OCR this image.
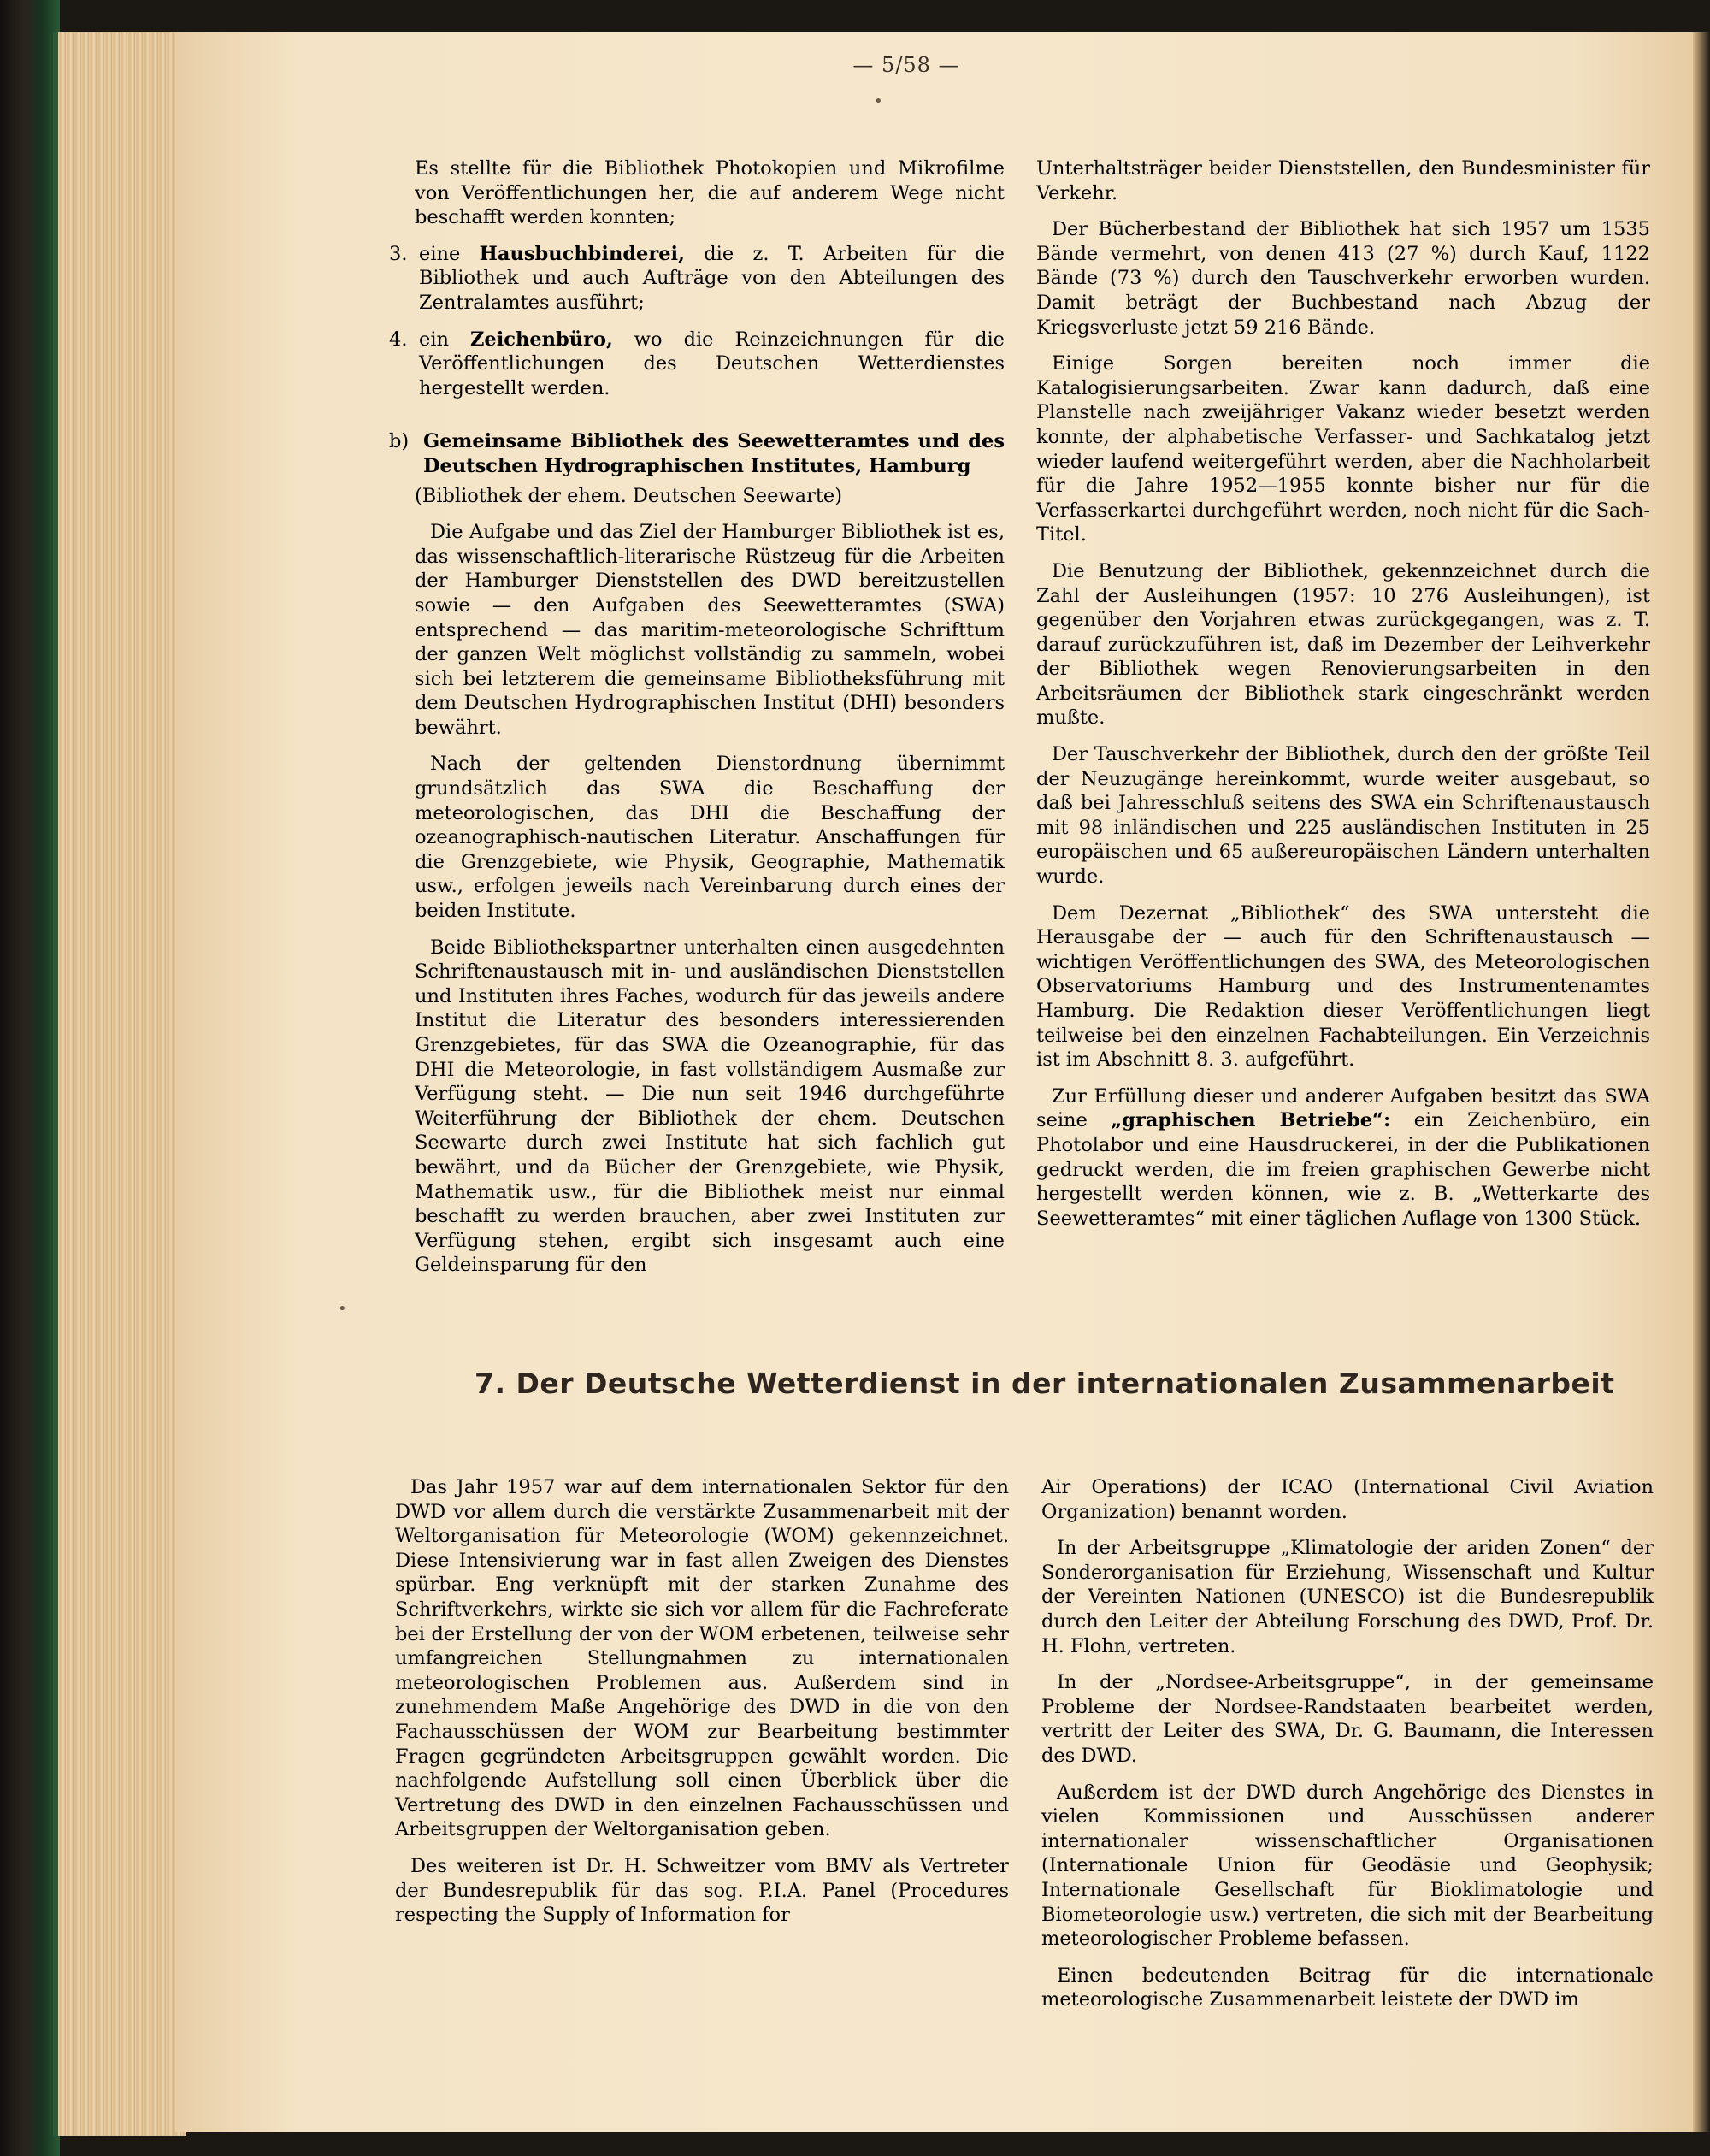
— 5/58 —

Es stellte für die Bibliothek Photokopien und Mikrofilme von Veröffentlichungen her, die auf anderem Wege nicht beschafft werden konnten;

3. eine Hausbuchbinderei, die z. T. Arbeiten für die Bibliothek und auch Aufträge von den Abteilungen des Zentralamtes ausführt;
4. ein Zeichenbüro, wo die Reinzeichnungen für die Veröffentlichungen des Deutschen Wetterdienstes hergestellt werden.
b) Gemeinsame Bibliothek des Seewetteramtes und des Deutschen Hydrographischen Institutes, Hamburg

(Bibliothek der ehem. Deutschen Seewarte)

Die Aufgabe und das Ziel der Hamburger Bibliothek ist es, das wissenschaftlich-literarische Rüstzeug für die Arbeiten der Hamburger Dienststellen des DWD bereitzustellen sowie — den Aufgaben des Seewetteramtes (SWA) entsprechend — das maritim-meteorologische Schrifttum der ganzen Welt möglichst vollständig zu sammeln, wobei sich bei letzterem die gemeinsame Bibliotheksführung mit dem Deutschen Hydrographischen Institut (DHI) besonders bewährt.

Nach der geltenden Dienstordnung übernimmt grundsätzlich das SWA die Beschaffung der meteorologischen, das DHI die Beschaffung der ozeanographisch-nautischen Literatur. Anschaffungen für die Grenzgebiete, wie Physik, Geographie, Mathematik usw., erfolgen jeweils nach Vereinbarung durch eines der beiden Institute.

Beide Bibliothekspartner unterhalten einen ausgedehnten Schriftenaustausch mit in- und ausländischen Dienststellen und Instituten ihres Faches, wodurch für das jeweils andere Institut die Literatur des besonders interessierenden Grenzgebietes, für das SWA die Ozeanographie, für das DHI die Meteorologie, in fast vollständigem Ausmaße zur Verfügung steht. — Die nun seit 1946 durchgeführte Weiterführung der Bibliothek der ehem. Deutschen Seewarte durch zwei Institute hat sich fachlich gut bewährt, und da Bücher der Grenzgebiete, wie Physik, Mathematik usw., für die Bibliothek meist nur einmal beschafft zu werden brauchen, aber zwei Instituten zur Verfügung stehen, ergibt sich insgesamt auch eine Geldeinsparung für den

Unterhaltsträger beider Dienststellen, den Bundesminister für Verkehr.

Der Bücherbestand der Bibliothek hat sich 1957 um 1535 Bände vermehrt, von denen 413 (27 %) durch Kauf, 1122 Bände (73 %) durch den Tauschverkehr erworben wurden. Damit beträgt der Buchbestand nach Abzug der Kriegsverluste jetzt 59 216 Bände.

Einige Sorgen bereiten noch immer die Katalogisierungsarbeiten. Zwar kann dadurch, daß eine Planstelle nach zweijähriger Vakanz wieder besetzt werden konnte, der alphabetische Verfasser- und Sachkatalog jetzt wieder laufend weitergeführt werden, aber die Nachholarbeit für die Jahre 1952—1955 konnte bisher nur für die Verfasserkartei durchgeführt werden, noch nicht für die Sach-Titel.

Die Benutzung der Bibliothek, gekennzeichnet durch die Zahl der Ausleihungen (1957: 10 276 Ausleihungen), ist gegenüber den Vorjahren etwas zurückgegangen, was z. T. darauf zurückzuführen ist, daß im Dezember der Leihverkehr der Bibliothek wegen Renovierungsarbeiten in den Arbeitsräumen der Bibliothek stark eingeschränkt werden mußte.

Der Tauschverkehr der Bibliothek, durch den der größte Teil der Neuzugänge hereinkommt, wurde weiter ausgebaut, so daß bei Jahresschluß seitens des SWA ein Schriftenaustausch mit 98 inländischen und 225 ausländischen Instituten in 25 europäischen und 65 außereuropäischen Ländern unterhalten wurde.

Dem Dezernat „Bibliothek“ des SWA untersteht die Herausgabe der — auch für den Schriftenaustausch — wichtigen Veröffentlichungen des SWA, des Meteorologischen Observatoriums Hamburg und des Instrumentenamtes Hamburg. Die Redaktion dieser Veröffentlichungen liegt teilweise bei den einzelnen Fachabteilungen. Ein Verzeichnis ist im Abschnitt 8. 3. aufgeführt.

Zur Erfüllung dieser und anderer Aufgaben besitzt das SWA seine „graphischen Betriebe“: ein Zeichenbüro, ein Photolabor und eine Hausdruckerei, in der die Publikationen gedruckt werden, die im freien graphischen Gewerbe nicht hergestellt werden können, wie z. B. „Wetterkarte des Seewetteramtes“ mit einer täglichen Auflage von 1300 Stück.

7. Der Deutsche Wetterdienst in der internationalen Zusammenarbeit

Das Jahr 1957 war auf dem internationalen Sektor für den DWD vor allem durch die verstärkte Zusammenarbeit mit der Weltorganisation für Meteorologie (WOM) gekennzeichnet. Diese Intensivierung war in fast allen Zweigen des Dienstes spürbar. Eng verknüpft mit der starken Zunahme des Schriftverkehrs, wirkte sie sich vor allem für die Fachreferate bei der Erstellung der von der WOM erbetenen, teilweise sehr umfangreichen Stellungnahmen zu internationalen meteorologischen Problemen aus. Außerdem sind in zunehmendem Maße Angehörige des DWD in die von den Fachausschüssen der WOM zur Bearbeitung bestimmter Fragen gegründeten Arbeitsgruppen gewählt worden. Die nachfolgende Aufstellung soll einen Überblick über die Vertretung des DWD in den einzelnen Fachausschüssen und Arbeitsgruppen der Weltorganisation geben.

Des weiteren ist Dr. H. Schweitzer vom BMV als Vertreter der Bundesrepublik für das sog. P.I.A. Panel (Procedures respecting the Supply of Information for

Air Operations) der ICAO (International Civil Aviation Organization) benannt worden.

In der Arbeitsgruppe „Klimatologie der ariden Zonen“ der Sonderorganisation für Erziehung, Wissenschaft und Kultur der Vereinten Nationen (UNESCO) ist die Bundesrepublik durch den Leiter der Abteilung Forschung des DWD, Prof. Dr. H. Flohn, vertreten.

In der „Nordsee-Arbeitsgruppe“, in der gemeinsame Probleme der Nordsee-Randstaaten bearbeitet werden, vertritt der Leiter des SWA, Dr. G. Baumann, die Interessen des DWD.

Außerdem ist der DWD durch Angehörige des Dienstes in vielen Kommissionen und Ausschüssen anderer internationaler wissenschaftlicher Organisationen (Internationale Union für Geodäsie und Geophysik; Internationale Gesellschaft für Bioklimatologie und Biometeorologie usw.) vertreten, die sich mit der Bearbeitung meteorologischer Probleme befassen.

Einen bedeutenden Beitrag für die internationale meteorologische Zusammenarbeit leistete der DWD im

•
•
